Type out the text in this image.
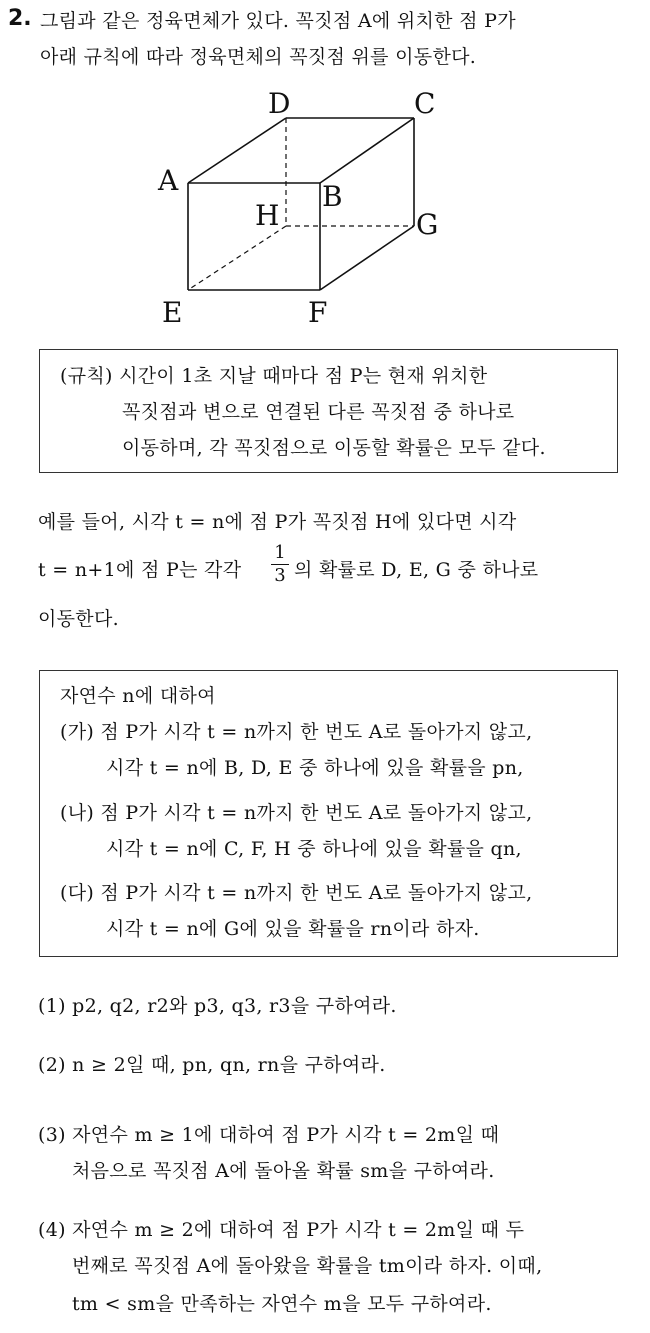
2. 그림과 같은 정육면체가 있다. 꼭짓점 A에 위치한 점 P가
아래 규칙에 따라 정육면체의 꼭짓점 위를 이동한다.
D	C
A	B
H	G
E	F
(규칙) 시간이 1초 지날 때마다 점 P는 현재 위치한
꼭짓점과 변으로 연결된 다른 꼭짓점 중 하나로
이동하며, 각 꼭짓점으로 이동할 확률은 모두 같다.
예를 들어, 시각 t = n에 점 P가 꼭짓점 H에 있다면 시각
t = n+1에 점 P는 각각
1
3 의 확률로 D, E, G 중 하나로
이동한다.
자연수 n에 대하여
(가) 점 P가 시각 t = n까지 한 번도 A로 돌아가지 않고,
시각 t = n에 B, D, E 중 하나에 있을 확률을 pn,
(나) 점 P가 시각 t = n까지 한 번도 A로 돌아가지 않고,
시각 t = n에 C, F, H 중 하나에 있을 확률을 qn,
(다) 점 P가 시각 t = n까지 한 번도 A로 돌아가지 않고,
시각 t = n에 G에 있을 확률을 rn이라 하자.
(1) p2, q2, r2와 p3, q3, r3을 구하여라.
(2) n ≥ 2일 때, pn, qn, rn을 구하여라.
(3) 자연수 m ≥ 1에 대하여 점 P가 시각 t = 2m일 때
처음으로 꼭짓점 A에 돌아올 확률 sm을 구하여라.
(4) 자연수 m ≥ 2에 대하여 점 P가 시각 t = 2m일 때 두
번째로 꼭짓점 A에 돌아왔을 확률을 tm이라 하자. 이때,
tm < sm을 만족하는 자연수 m을 모두 구하여라.
